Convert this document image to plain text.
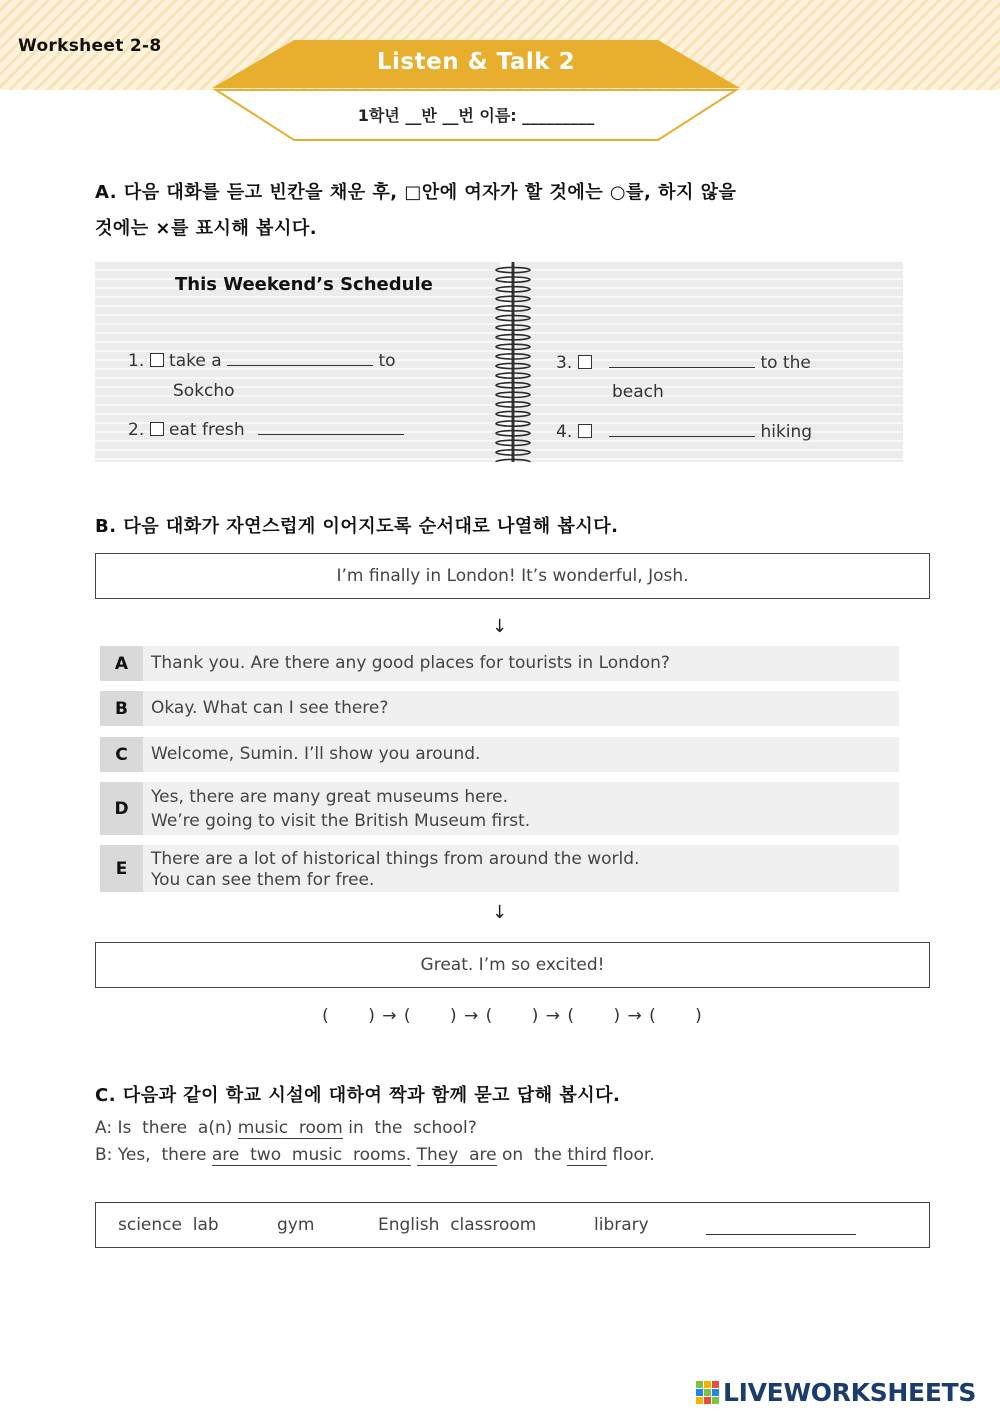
Worksheet 2-8
Listen & Talk 2
1학년 __반 __번 이름: _________
A. 다음 대화를 듣고 빈칸을 채운 후, □안에 여자가 할 것에는 ○를, 하지 않을
것에는 ×를 표시해 봅시다.
This Weekend’s Schedule
1. take a	to
Sokcho
2. eat fresh
3.	to the
beach
4.	hiking
B. 다음 대화가 자연스럽게 이어지도록 순서대로 나열해 봅시다.
I’m finally in London! It’s wonderful, Josh.
↓
A	Thank you. Are there any good places for tourists in London?
B	Okay. What can I see there?
C	Welcome, Sumin. I’ll show you around.
D
Yes, there are many great museums here.
We’re going to visit the British Museum first.
E	There are a lot of historical things from around the world.
You can see them for free.
↓
Great. I’m so excited!
(      ) → (      ) → (      ) → (      ) → (      )
C. 다음과 같이 학교 시설에 대하여 짝과 함께 묻고 답해 봅시다.
A: Is  there  a(n) music  room in  the  school?
B: Yes,  there are  two  music  rooms. They  are on  the third floor.
science  lab	gym	English  classroom	library
LIVEWORKSHEETS
